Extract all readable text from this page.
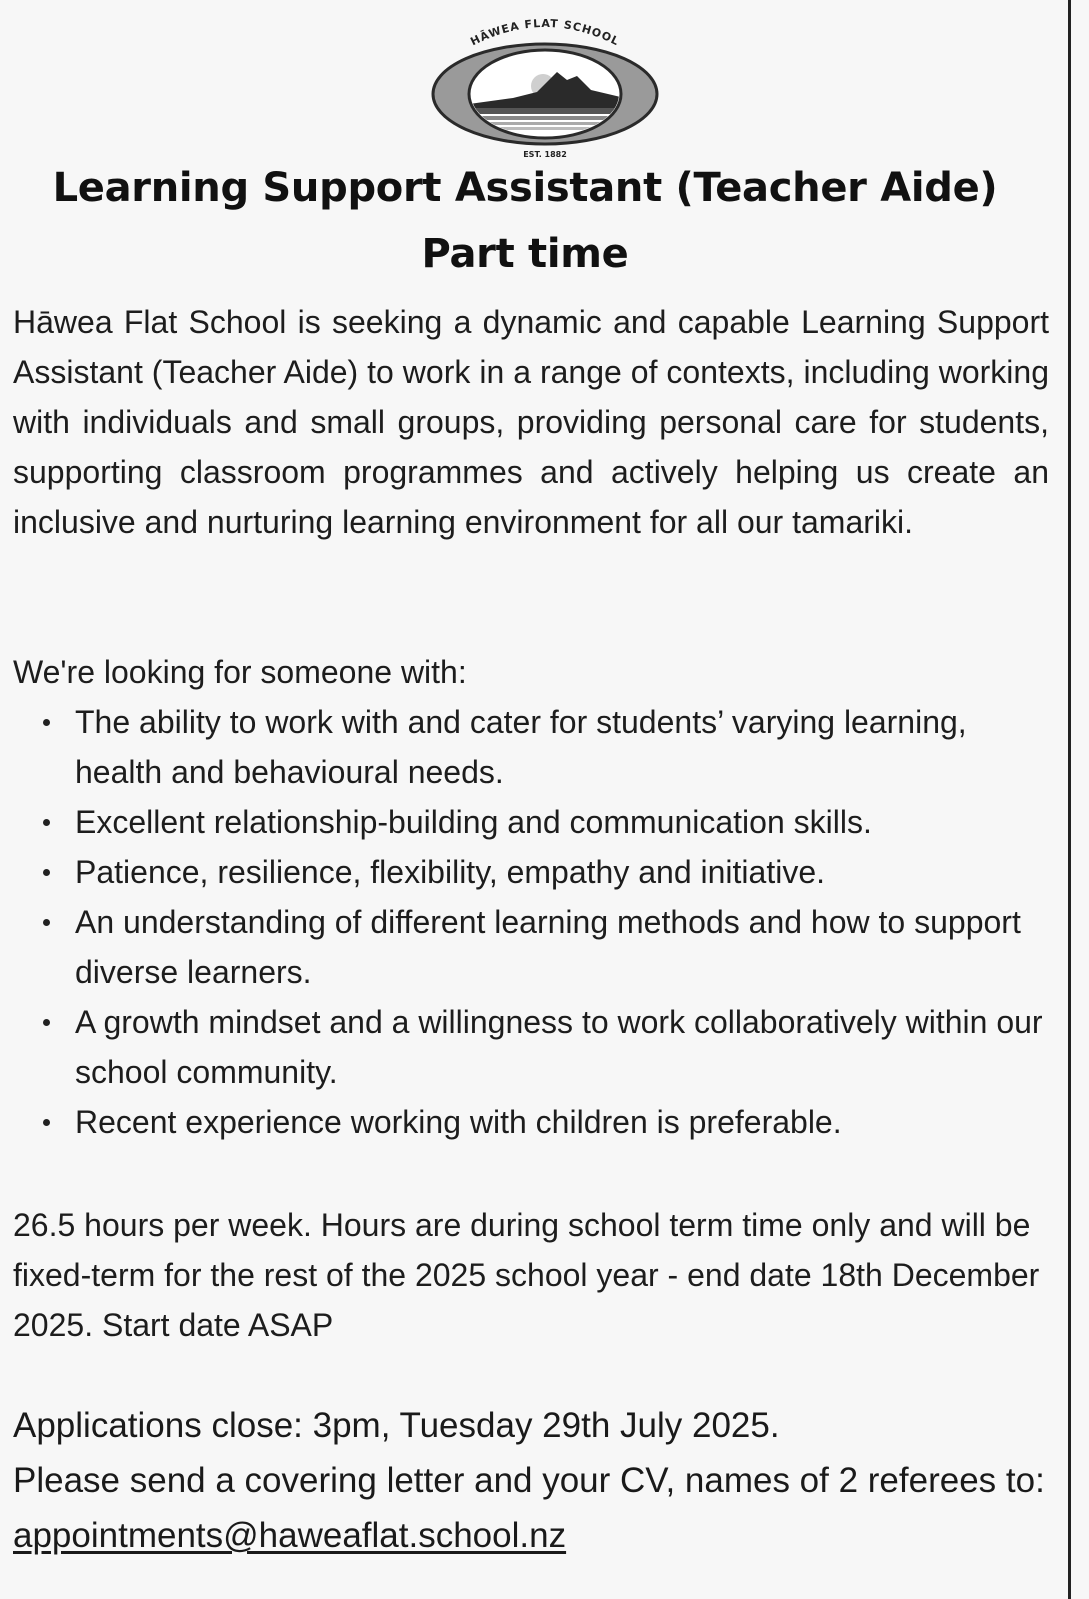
HĀWEA FLAT SCHOOL
EST. 1882
Learning Support Assistant (Teacher Aide)
Part time

Hāwea Flat School is seeking a dynamic and capable Learning Support Assistant (Teacher Aide) to work in a range of contexts, including working with individuals and small groups, providing personal care for students, supporting classroom programmes and actively helping us create an inclusive and nurturing learning environment for all our tamariki.

We're looking for someone with:

The ability to work with and cater for students’ varying learning, health and behavioural needs.
Excellent relationship-building and communication skills.
Patience, resilience, flexibility, empathy and initiative.
An understanding of different learning methods and how to support diverse learners.
A growth mindset and a willingness to work collaboratively within our school community.
Recent experience working with children is preferable.

26.5 hours per week. Hours are during school term time only and will be fixed-term for the rest of the 2025 school year - end date 18th December 2025. Start date ASAP

Applications close: 3pm, Tuesday 29th July 2025.
Please send a covering letter and your CV, names of 2 referees to: appointments@haweaflat.school.nz
